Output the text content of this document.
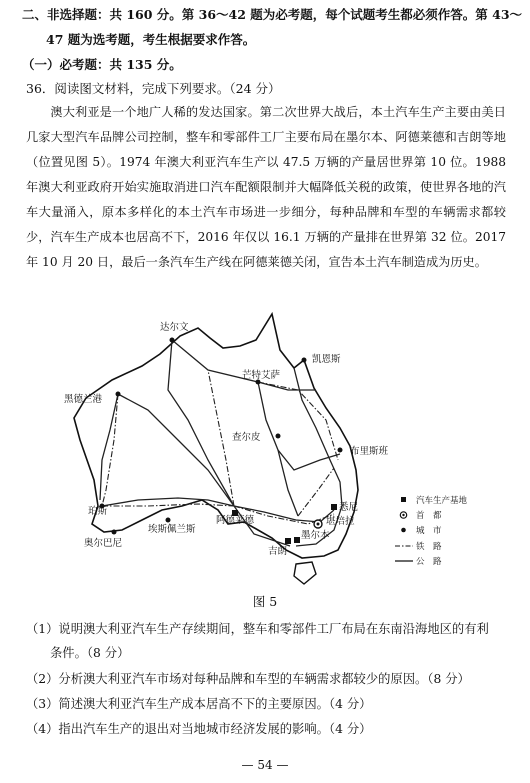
二、非选择题：共 160 分。第 36～42 题为必考题，每个试题考生都必须作答。第 43～
47 题为选考题，考生根据要求作答。
（一）必考题：共 135 分。
36．阅读图文材料，完成下列要求。（24 分）
澳大利亚是一个地广人稀的发达国家。第二次世界大战后，本土汽车生产主要由美日几家大型汽车品牌公司控制，整车和零部件工厂主要布局在墨尔本、阿德莱德和吉朗等地（位置见图 5）。1974 年澳大利亚汽车生产以 47.5 万辆的产量居世界第 10 位。1988 年澳大利亚政府开始实施取消进口汽车配额限制并大幅降低关税的政策，使世界各地的汽车大量涌入，原本多样化的本土汽车市场进一步细分，每种品牌和车型的车辆需求都较少，汽车生产成本也居高不下，2016 年仅以 16.1 万辆的产量排在世界第 32 位。2017 年 10 月 20 日，最后一条汽车生产线在阿德莱德关闭，宣告本土汽车制造成为历史。
达尔文
凯恩斯
黑德兰港
芒特艾萨
查尔皮
布里斯班
珀斯
奥尔巴尼
埃斯佩兰斯
阿德莱德
悉尼
堪培拉
吉朗
墨尔本
汽车生产基地
首　都
城　市
铁　路
公　路
图 5
（1）说明澳大利亚汽车生产存续期间，整车和零部件工厂布局在东南沿海地区的有利
条件。（8 分）
（2）分析澳大利亚汽车市场对每种品牌和车型的车辆需求都较少的原因。（8 分）
（3）简述澳大利亚汽车生产成本居高不下的主要原因。（4 分）
（4）指出汽车生产的退出对当地城市经济发展的影响。（4 分）
— 54 —
